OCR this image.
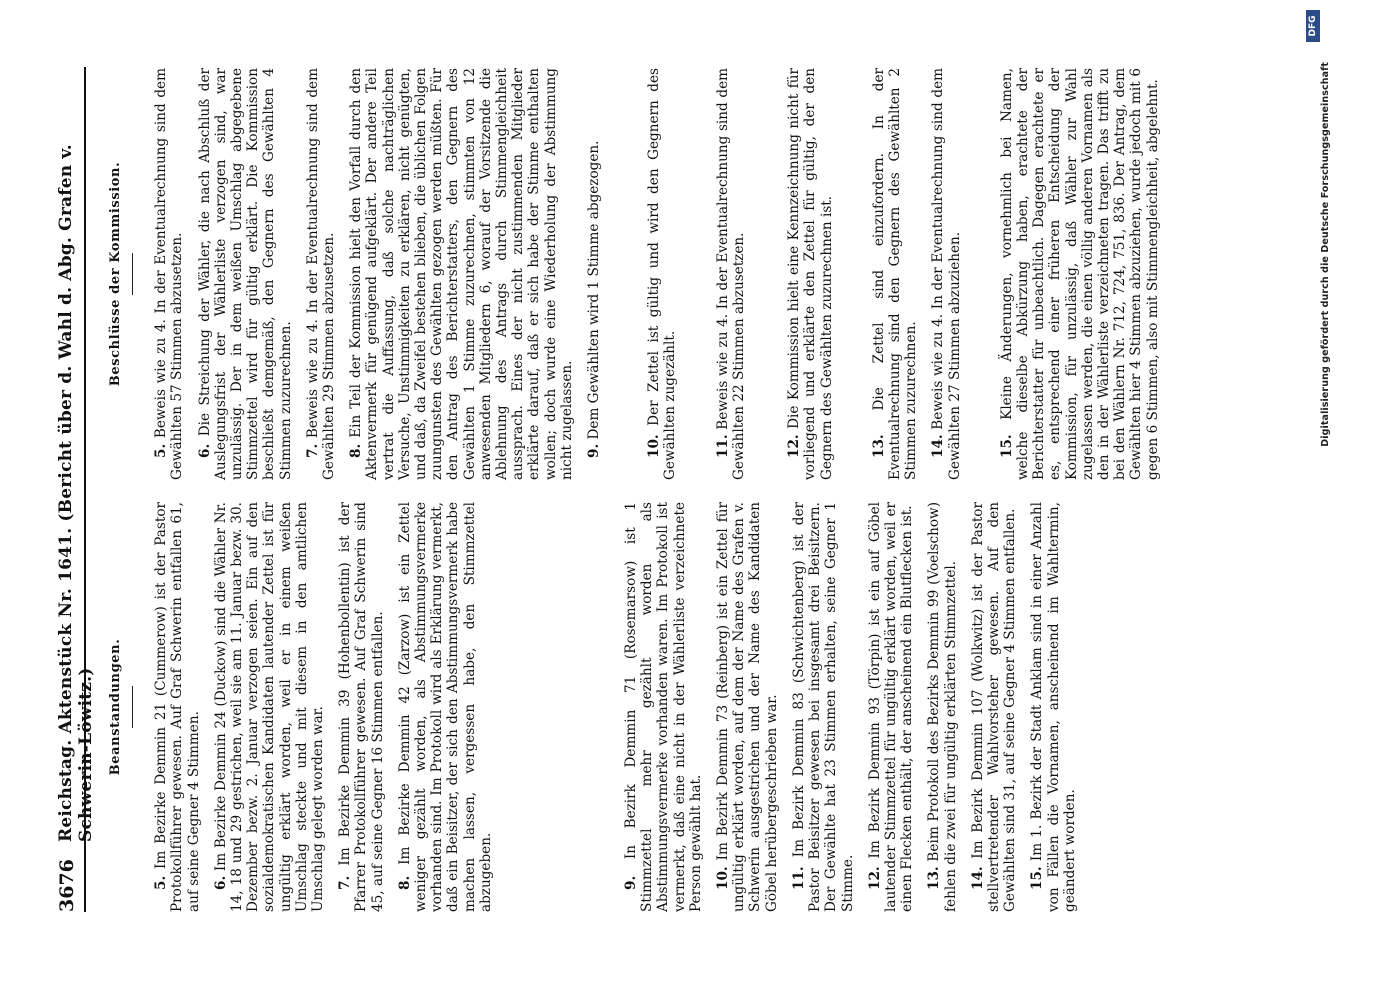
3676
Reichstag. Aktenstück Nr. 1641. (Bericht über d. Wahl d. Abg. Grafen v. Schwerin-Löwitz.) Beanstandungen.

5. Im Bezirke Demmin 21 (Cummerow) ist der Pastor Protokollführer gewesen. Auf Graf Schwerin entfallen 61, auf seine Gegner 4 Stimmen. 6. Im Bezirke Demmin 24 (Duckow) sind die Wähler Nr. 14, 18 und 29 gestrichen, weil sie am 11. Januar bezw. 30. Dezember bezw. 2. Januar verzogen seien. Ein auf den sozialdemokratischen Kandidaten lautender Zettel ist für ungültig erklärt worden, weil er in einem weißen Umschlag steckte und mit diesem in den amtlichen Umschlag gelegt worden war. 7. Im Bezirke Demmin 39 (Hohenbollentin) ist der Pfarrer Protokollführer gewesen. Auf Graf Schwerin sind 45, auf seine Gegner 16 Stimmen entfallen. 8. Im Bezirke Demmin 42 (Zarzow) ist ein Zettel weniger gezählt worden, als Abstimmungsvermerke vorhanden sind. Im Protokoll wird als Erklärung vermerkt, daß ein Beisitzer, der sich den Abstimmungsvermerk habe machen lassen, vergessen habe, den Stimmzettel abzugeben.	9. In Bezirk Demmin 71 (Rosemarsow) ist 1 Stimmzettel mehr gezählt worden als Abstimmungsvermerke vorhanden waren. Im Protokoll ist vermerkt, daß eine nicht in der Wählerliste verzeichnete Person gewählt hat. 10. Im Bezirk Demmin 73 (Reinberg) ist ein Zettel für ungültig erklärt worden, auf dem der Name des Grafen v. Schwerin ausgestrichen und der Name des Kandidaten Göbel herübergeschrieben war. 11. Im Bezirk Demmin 83 (Schwichtenberg) ist der Pastor Beisitzer gewesen bei insgesamt drei Beisitzern. Der Gewählte hat 23 Stimmen erhalten, seine Gegner 1 Stimme. 12. Im Bezirk Demmin 93 (Törpin) ist ein auf Göbel lautender Stimmzettel für ungültig erklärt worden, weil er einen Flecken enthält, der anscheinend ein Blutflecken ist. 13. Beim Protokoll des Bezirks Demmin 99 (Voelschow) fehlen die zwei für ungültig erklärten Stimmzettel. 14. Im Bezirk Demmin 107 (Wolkwitz) ist der Pastor stellvertretender Wahlvorsteher gewesen. Auf den Gewählten sind 31, auf seine Gegner 4 Stimmen entfallen. 15. Im 1. Bezirk der Stadt Anklam sind in einer Anzahl von Fällen die Vornamen, anscheinend im Wahltermin, geändert worden.

Beschlüsse der Kommission.

5. Beweis wie zu 4. In der Eventualrechnung sind dem Gewählten 57 Stimmen abzusetzen. 6. Die Streichung der Wähler, die nach Abschluß der Auslegungsfrist der Wählerliste verzogen sind, war unzulässig. Der in dem weißen Umschlag abgegebene Stimmzettel wird für gültig erklärt. Die Kommission beschließt demgemäß, den Gegnern des Gewählten 4 Stimmen zuzurechnen. 7. Beweis wie zu 4. In der Eventualrechnung sind dem Gewählten 29 Stimmen abzusetzen. 8. Ein Teil der Kommission hielt den Vorfall durch den Aktenvermerk für genügend aufgeklärt. Der andere Teil vertrat die Auffassung, daß solche nachträglichen Versuche, Unstimmigkeiten zu erklären, nicht genügten, und daß, da Zweifel bestehen blieben, die üblichen Folgen zuungunsten des Gewählten gezogen werden müßten. Für den Antrag des Berichterstatters, den Gegnern des Gewählten 1 Stimme zuzurechnen, stimmten von 12 anwesenden Mitgliedern 6, worauf der Vorsitzende die Ablehnung des Antrags durch Stimmengleichheit aussprach. Eines der nicht zustimmenden Mitglieder erklärte darauf, daß er sich habe der Stimme enthalten wollen; doch wurde eine Wiederholung der Abstimmung nicht zugelassen. 9. Dem Gewählten wird 1 Stimme abgezogen.

10. Der Zettel ist gültig und wird den Gegnern des Gewählten zugezählt.	11. Beweis wie zu 4. In der Eventualrechnung sind dem Gewählten 22 Stimmen abzusetzen.	12. Die Kommission hielt eine Kennzeichnung nicht für vorliegend und erklärte den Zettel für gültig, der den Gegnern des Gewählten zuzurechnen ist.	13. Die Zettel sind einzufordern. In der Eventualrechnung sind den Gegnern des Gewählten 2 Stimmen zuzurechnen. 14. Beweis wie zu 4. In der Eventualrechnung sind dem Gewählten 27 Stimmen abzuziehen.	15. Kleine Änderungen, vornehmlich bei Namen, welche dieselbe Abkürzung haben, erachtete der Berichterstatter für unbeachtlich. Dagegen erachtete er es, entsprechend einer früheren Entscheidung der Kommission, für unzulässig, daß Wähler zur Wahl zugelassen werden, die einen völlig anderen Vornamen als den in der Wählerliste verzeichneten tragen. Das trifft zu bei den Wählern Nr. 712, 724, 751, 836. Der Antrag, dem Gewählten hier 4 Stimmen abzuziehen, wurde jedoch mit 6 gegen 6 Stimmen, also mit Stimmengleichheit, abgelehnt.	Digitalisierung gefördert durch die Deutsche Forschungsgemeinschaft
DFG
